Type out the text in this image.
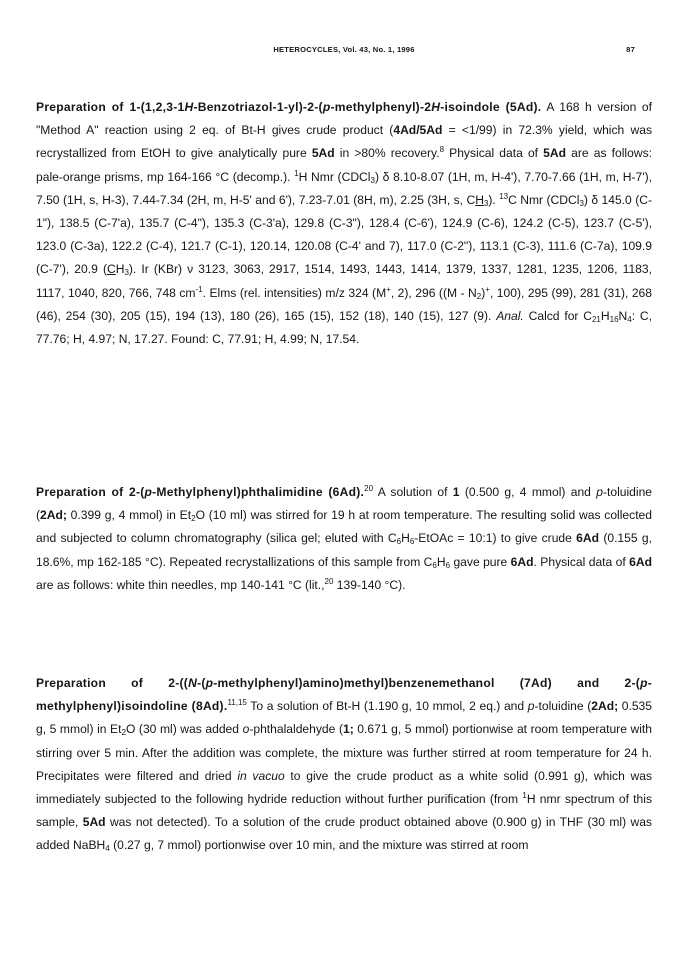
HETEROCYCLES, Vol. 43, No. 1, 1996	87

Preparation of 1-(1,2,3-1H-Benzotriazol-1-yl)-2-(p-methylphenyl)-2H-isoindole (5Ad). A 168 h version of "Method A" reaction using 2 eq. of Bt-H gives crude product (4Ad/5Ad = <1/99) in 72.3% yield, which was recrystallized from EtOH to give analytically pure 5Ad in >80% recovery.$^8$ Physical data of 5Ad are as follows: pale-orange prisms, mp 164-166 °C (decomp.). $^1$H Nmr (CDCl$_3$) δ 8.10-8.07 (1H, m, H-4'), 7.70-7.66 (1H, m, H-7'), 7.50 (1H, s, H-3), 7.44-7.34 (2H, m, H-5' and 6'), 7.23-7.01 (8H, m), 2.25 (3H, s, $CH_3$). $^{13}$C Nmr (CDCl$_3$) δ 145.0 (C-1"), 138.5 (C-7'a), 135.7 (C-4"), 135.3 (C-3'a), 129.8 (C-3"), 128.4 (C-6'), 124.9 (C-6), 124.2 (C-5), 123.7 (C-5'), 123.0 (C-3a), 122.2 (C-4), 121.7 (C-1), 120.14, 120.08 (C-4' and 7), 117.0 (C-2"), 113.1 (C-3), 111.6 (C-7a), 109.9 (C-7'), 20.9 $(CH_3)$. Ir (KBr) ν 3123, 3063, 2917, 1514, 1493, 1443, 1414, 1379, 1337, 1281, 1235, 1206, 1183, 1117, 1040, 820, 766, 748 $cm^{-1}$. Elms (rel. intensities) m/z 324 (M+, 2), 296 ($(M - N_2)^+$, 100), 295 (99), 281 (31), 268 (46), 254 (30), 205 (15), 194 (13), 180 (26), 165 (15), 152 (18), 140 (15), 127 (9). Anal. Calcd for $C_{21}H_{16}N_4$: C, 77.76; H, 4.97; N, 17.27. Found: C, 77.91; H, 4.99; N, 17.54.

Preparation of 2-(p-Methylphenyl)phthalimidine (6Ad).$^{20}$ A solution of 1 (0.500 g, 4 mmol) and p-toluidine (2Ad; 0.399 g, 4 mmol) in $Et_2O$ (10 ml) was stirred for 19 h at room temperature. The resulting solid was collected and subjected to column chromatography (silica gel; eluted with $C_6H_6$-EtOAc = 10:1) to give crude 6Ad (0.155 g, 18.6%, mp 162-185 °C). Repeated recrystallizations of this sample from $C_6H_6$ gave pure 6Ad. Physical data of 6Ad are as follows: white thin needles, mp 140-141 °C (lit.,$^{20}$ 139-140 °C).

Preparation of 2-((N-(p-methylphenyl)amino)methyl)benzenemethanol (7Ad) and 2-(p-methylphenyl)isoindoline (8Ad).$^{11,15}$ To a solution of Bt-H (1.190 g, 10 mmol, 2 eq.) and p-toluidine (2Ad; 0.535 g, 5 mmol) in $Et_2O$ (30 ml) was added o-phthalaldehyde (1; 0.671 g, 5 mmol) portionwise at room temperature with stirring over 5 min. After the addition was complete, the mixture was further stirred at room temperature for 24 h. Precipitates were filtered and dried in vacuo to give the crude product as a white solid (0.991 g), which was immediately subjected to the following hydride reduction without further purification (from $^1$H nmr spectrum of this sample, 5Ad was not detected). To a solution of the crude product obtained above (0.900 g) in THF (30 ml) was added NaBH$_4$ (0.27 g, 7 mmol) portionwise over 10 min, and the mixture was stirred at room
